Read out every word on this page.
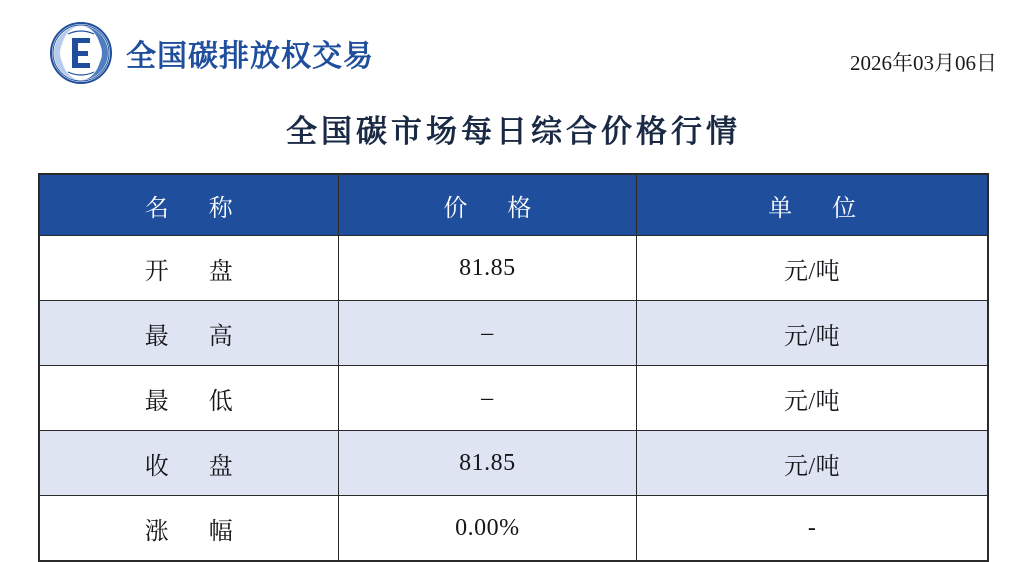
全国碳排放权交易	2026年03月06日
全国碳市场每日综合价格行情
名　称	价　格	单　位
开　盘	81.85	元/吨
最　高	–	元/吨
最　低	–	元/吨
收　盘	81.85	元/吨
涨　幅	0.00%	-
